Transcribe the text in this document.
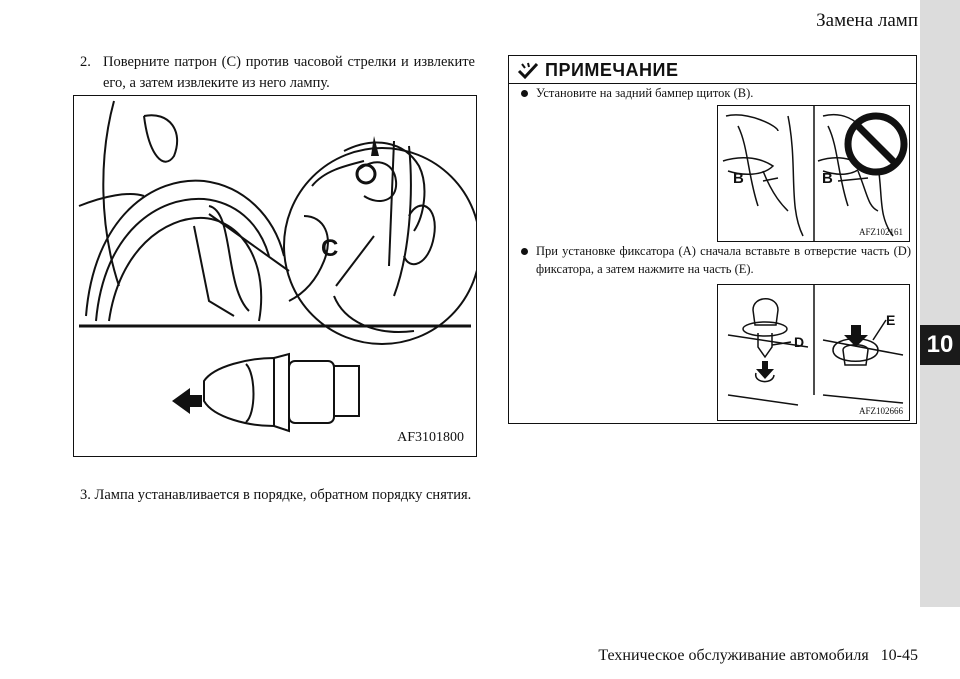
Замена ламп
10
2. Поверните патрон (C) против часовой стрелки и извлеките его, а затем извлеките из него лампу.
C
AF3101800
3. Лампа устанавливается в порядке, обратном порядку снятия.
ПРИМЕЧАНИЕ
Установите на задний бампер щиток (B).
B	B
AFZ102161
При установке фиксатора (A) сначала вставьте в отверстие часть (D) фиксатора, а затем нажмите на часть (E).
D
E
AFZ102666
Техническое обслуживание автомобиля   10-45
